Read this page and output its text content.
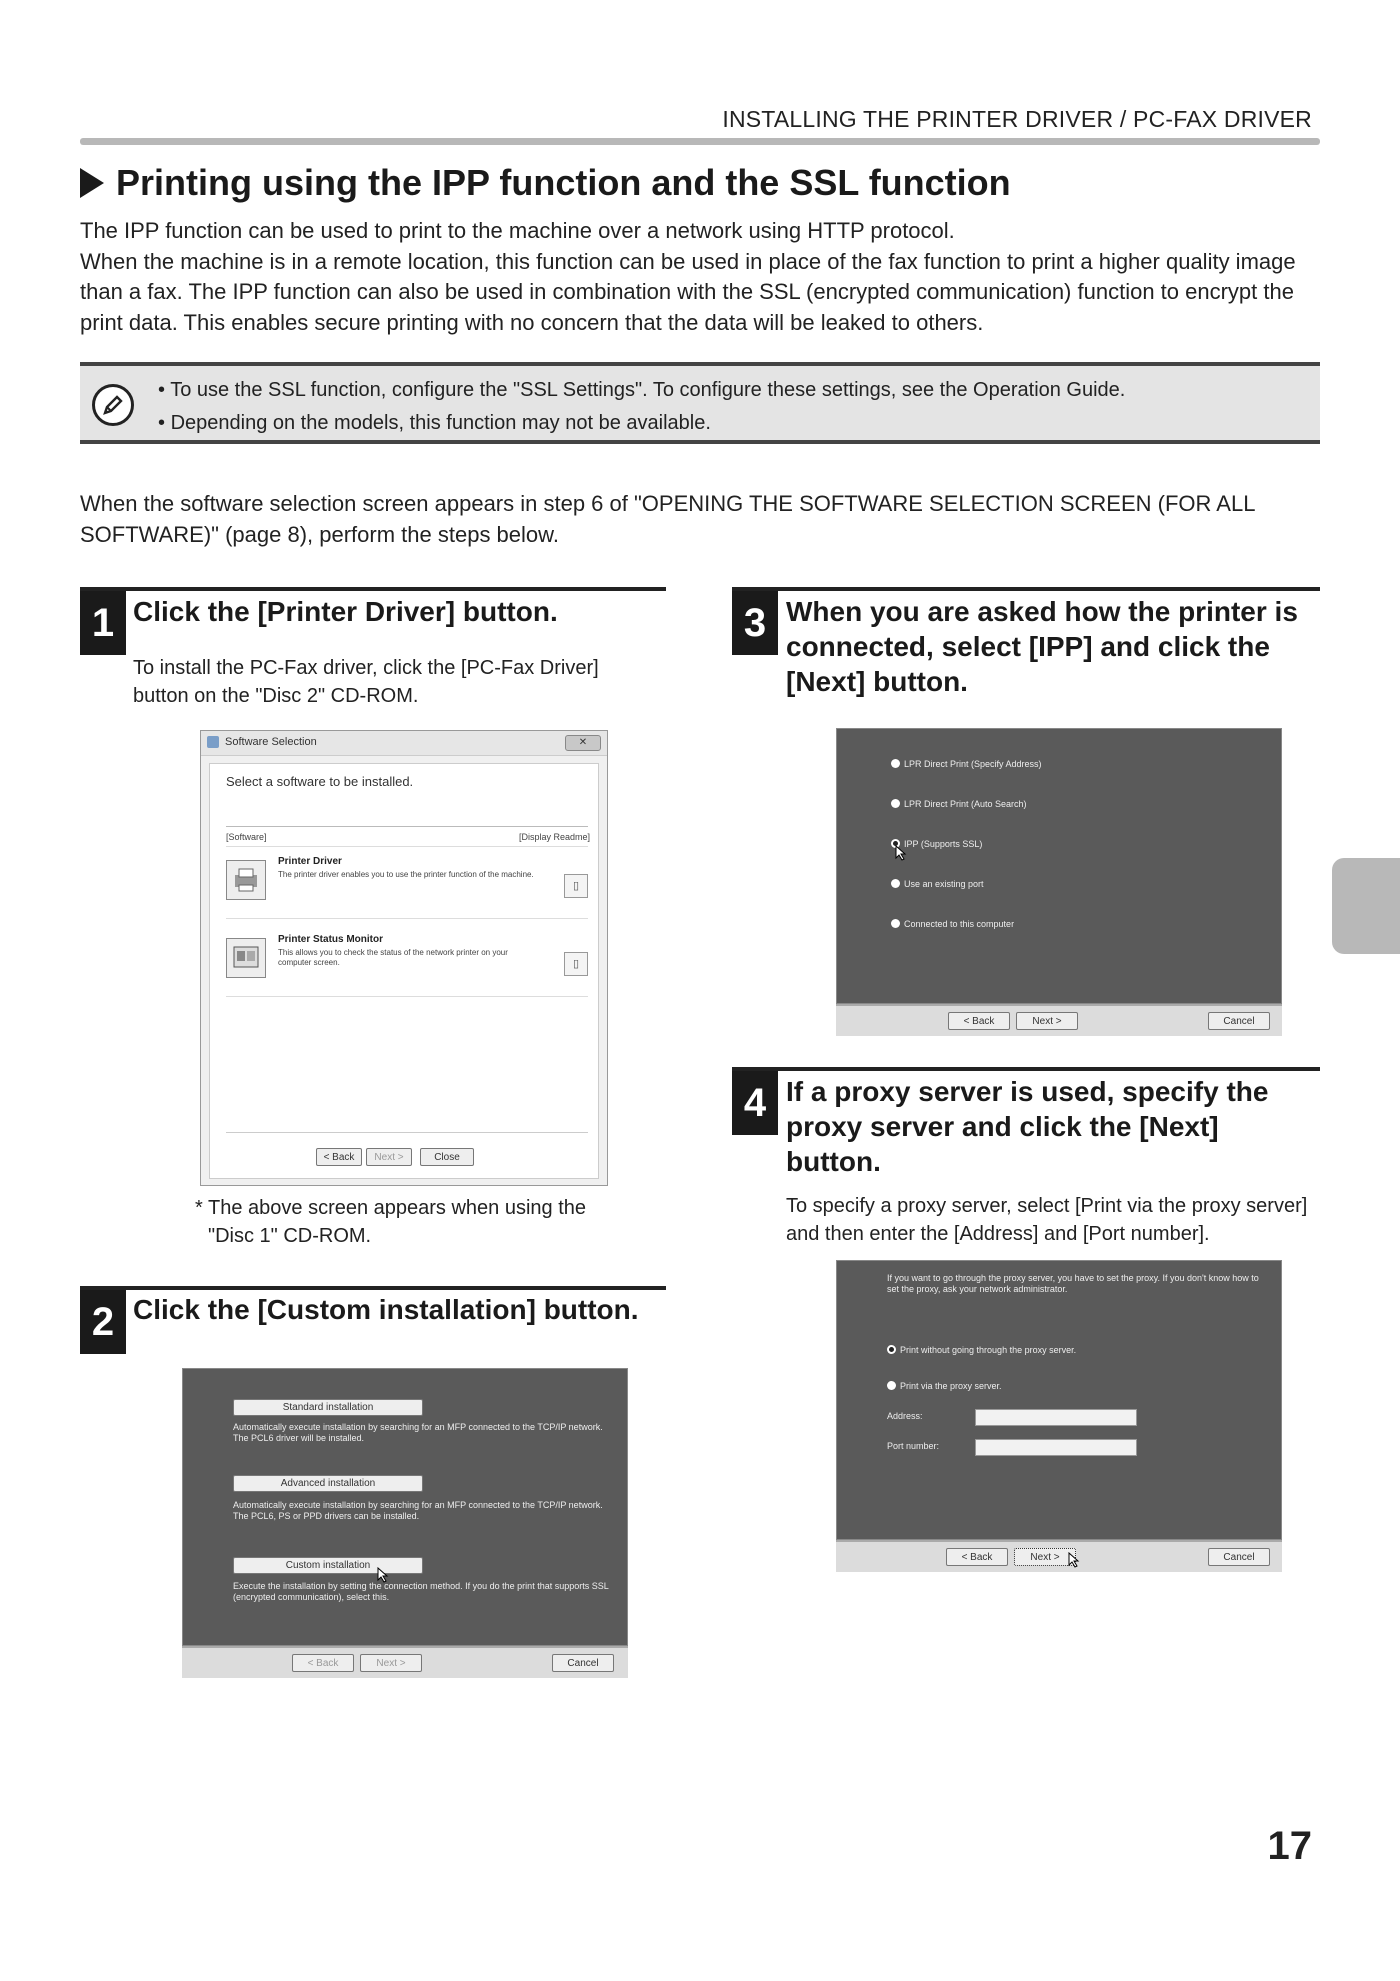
INSTALLING THE PRINTER DRIVER / PC-FAX DRIVER
Printing using the IPP function and the SSL function

The IPP function can be used to print to the machine over a network using HTTP protocol.

When the machine is in a remote location, this function can be used in place of the fax function to print a higher quality image than a fax. The IPP function can also be used in combination with the SSL (encrypted communication) function to encrypt the print data. This enables secure printing with no concern that the data will be leaked to others.

• To use the SSL function, configure the "SSL Settings". To configure these settings, see the Operation Guide.
• Depending on the models, this function may not be available.
When the software selection screen appears in step 6 of "OPENING THE SOFTWARE SELECTION SCREEN (FOR ALL SOFTWARE)" (page 8), perform the steps below.
1 Click the [Printer Driver] button.
To install the PC-Fax driver, click the [PC-Fax Driver] button on the "Disc 2" CD-ROM.
Software Selection	✕
Select a software to be installed.
[Software]	[Display Readme]
Printer Driver
The printer driver enables you to use the printer function of the machine.
▯
Printer Status Monitor
This allows you to check the status of the network printer on your computer screen.	▯
< Back	Next >	Close
* The above screen appears when using the "Disc 1" CD-ROM.
2 Click the [Custom installation] button.
Standard installation
Automatically execute installation by searching for an MFP connected to the TCP/IP network. The PCL6 driver will be installed.
Advanced installation
Automatically execute installation by searching for an MFP connected to the TCP/IP network. The PCL6, PS or PPD drivers can be installed.
Custom installation
Execute the installation by setting the connection method. If you do the print that supports SSL (encrypted communication), select this.
< Back	Next >	Cancel
3 When you are asked how the printer is connected, select [IPP] and click the [Next] button.
LPR Direct Print (Specify Address)
LPR Direct Print (Auto Search)
IPP (Supports SSL)
Use an existing port
Connected to this computer
< Back	Next >	Cancel
4 If a proxy server is used, specify the proxy server and click the [Next] button.
To specify a proxy server, select [Print via the proxy server] and then enter the [Address] and [Port number].
If you want to go through the proxy server, you have to set the proxy. If you don't know how to set the proxy, ask your network administrator.
Print without going through the proxy server.
Print via the proxy server.
Address:
Port number:
< Back	Next >	Cancel
17
